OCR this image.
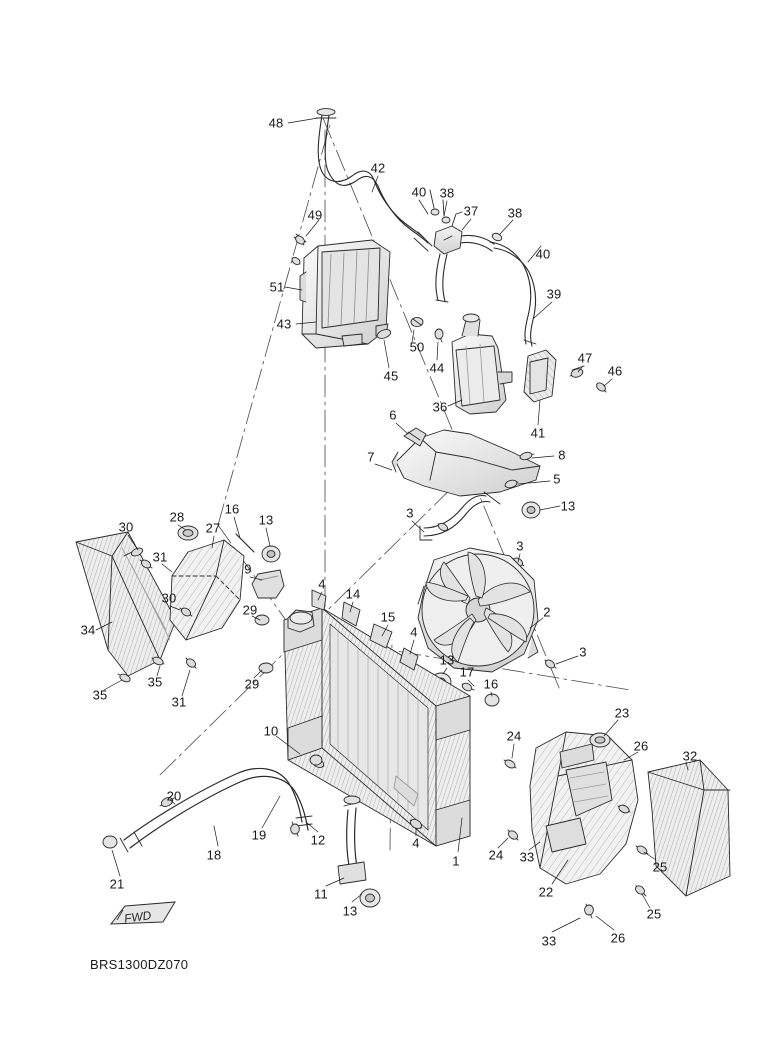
FWD
48
42
40 38
37 38
49
40
51	39
43
50
44
45
47
46
36
41
6
8
7
5
13
3
3
30
28
27
16
13
31
9
30
4
14
15	2
29
34	4
3
13
17
16
29
35
35
31
23
10	24
26
32
20
19	12
18
4
1 24 33
25
21
11	22
13	25
33	26
BRS1300DZ070
